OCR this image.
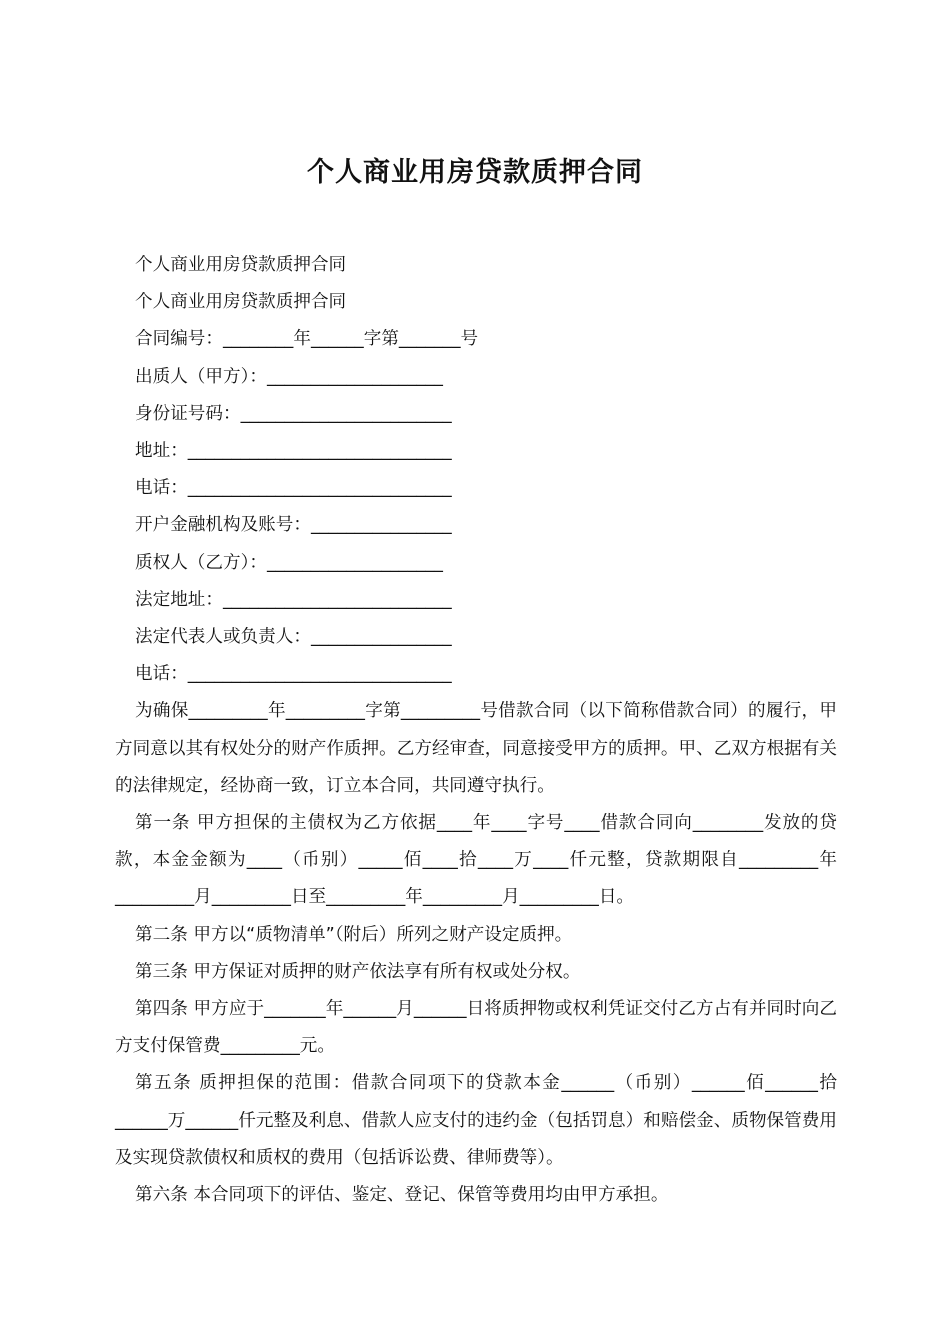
个人商业用房贷款质押合同

个人商业用房贷款质押合同

个人商业用房贷款质押合同

合同编号：________年______字第_______号

出质人（甲方）：____________________

身份证号码：________________________

地址：______________________________

电话：______________________________

开户金融机构及账号：________________

质权人（乙方）：____________________

法定地址：__________________________

法定代表人或负责人：________________

电话：______________________________

为确保_________年_________字第_________号借款合同（以下简称借款合同）的履行，甲方同意以其有权处分的财产作质押。乙方经审查，同意接受甲方的质押。甲、乙双方根据有关的法律规定，经协商一致，订立本合同，共同遵守执行。

第一条 甲方担保的主债权为乙方依据____年____字号____借款合同向________发放的贷款，本金金额为____（币别）_____佰____拾____万____仟元整，贷款期限自_________年_________月_________日至_________年_________月_________日。

第二条 甲方以“质物清单”（附后）所列之财产设定质押。

第三条 甲方保证对质押的财产依法享有所有权或处分权。

第四条 甲方应于_______年______月______日将质押物或权利凭证交付乙方占有并同时向乙方支付保管费_________元。

第五条 质押担保的范围：借款合同项下的贷款本金______（币别）______佰______拾______万______仟元整及利息、借款人应支付的违约金（包括罚息）和赔偿金、质物保管费用及实现贷款债权和质权的费用（包括诉讼费、律师费等）。

第六条 本合同项下的评估、鉴定、登记、保管等费用均由甲方承担。
